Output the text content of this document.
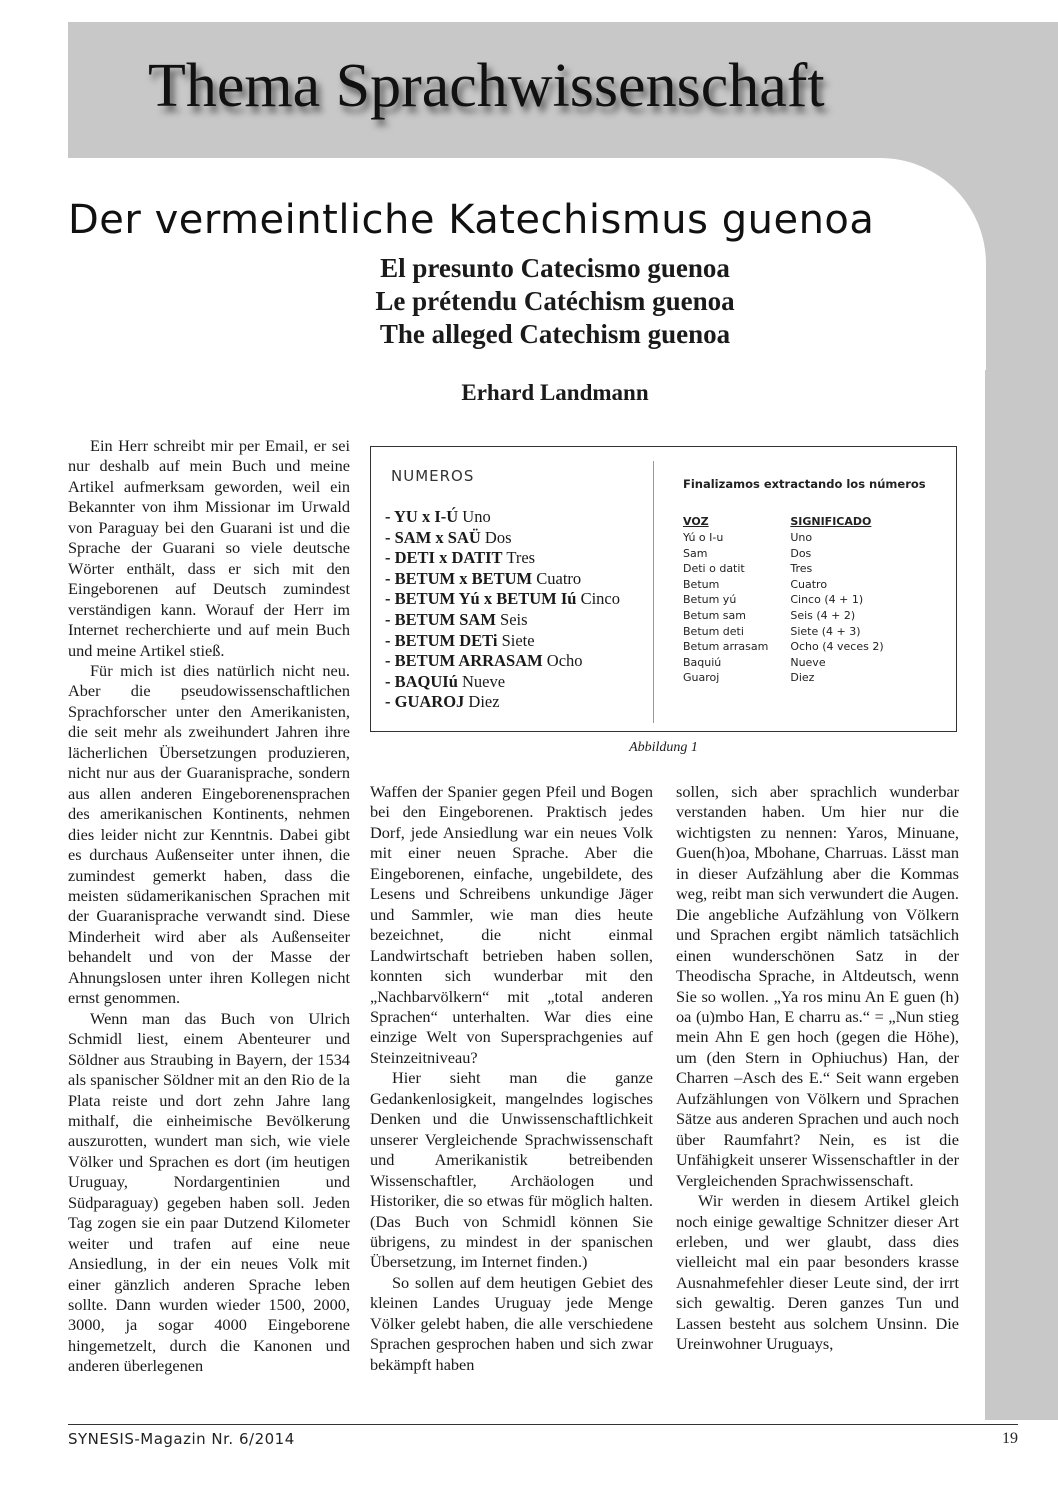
Thema Sprachwissenschaft
Der vermeintliche Katechismus guenoa
El presunto Catecismo guenoa
Le prétendu Catéchism guenoa
The alleged Catechism guenoa
Erhard Landmann

Ein Herr schreibt mir per Email, er sei nur deshalb auf mein Buch und meine Artikel aufmerksam geworden, weil ein Bekannter von ihm Missionar im Urwald von Paraguay bei den Guarani ist und die Sprache der Guarani so viele deutsche Wörter enthält, dass er sich mit den Eingeborenen auf Deutsch zumindest verständigen kann. Worauf der Herr im Internet recherchierte und auf mein Buch und meine Artikel stieß.

Für mich ist dies natürlich nicht neu. Aber die pseudowissenschaftlichen Sprachforscher unter den Amerikanisten, die seit mehr als zweihundert Jahren ihre lächerlichen Übersetzungen produzieren, nicht nur aus der Guaranisprache, sondern aus allen anderen Eingeborenensprachen des amerikanischen Kontinents, nehmen dies leider nicht zur Kenntnis. Dabei gibt es durchaus Außenseiter unter ihnen, die zumindest gemerkt haben, dass die meisten südamerikanischen Sprachen mit der Guaranisprache verwandt sind. Diese Minderheit wird aber als Außenseiter behandelt und von der Masse der Ahnungslosen unter ihren Kollegen nicht ernst genommen.

Wenn man das Buch von Ulrich Schmidl liest, einem Abenteurer und Söldner aus Straubing in Bayern, der 1534 als spanischer Söldner mit an den Rio de la Plata reiste und dort zehn Jahre lang mithalf, die einheimische Bevölkerung auszurotten, wundert man sich, wie viele Völker und Sprachen es dort (im heutigen Uruguay, Nordargentinien und Südparaguay) gegeben haben soll. Jeden Tag zogen sie ein paar Dutzend Kilometer weiter und trafen auf eine neue Ansiedlung, in der ein neues Volk mit einer gänzlich anderen Sprache leben sollte. Dann wurden wieder 1500, 2000, 3000, ja sogar 4000 Eingeborene hingemetzelt, durch die Kanonen und anderen überlegenen

NUMEROS
- YU x I-Ú Uno
- SAM x SAÜ Dos
- DETI x DATIT Tres
- BETUM x BETUM Cuatro
- BETUM Yú x BETUM Iú Cinco
- BETUM SAM Seis
- BETUM DETi Siete
- BETUM ARRASAM Ocho
- BAQUIú Nueve
- GUAROJ Diez
Finalizamos extractando los números
VOZ	SIGNIFICADO
Yú o I-u	Uno
Sam	Dos
Deti o datit	Tres
Betum	Cuatro
Betum yú	Cinco (4 + 1)
Betum sam	Seis (4 + 2)
Betum deti	Siete (4 + 3)
Betum arrasam	Ocho (4 veces 2)
Baquiú	Nueve
Guaroj	Diez
Abbildung 1

Waffen der Spanier gegen Pfeil und Bogen bei den Eingeborenen. Praktisch jedes Dorf, jede Ansiedlung war ein neues Volk mit einer neuen Sprache. Aber die Eingeborenen, einfache, ungebildete, des Lesens und Schreibens unkundige Jäger und Sammler, wie man dies heute bezeichnet, die nicht einmal Landwirtschaft betrieben haben sollen, konnten sich wunderbar mit den „Nachbarvölkern“ mit „total anderen Sprachen“ unterhalten. War dies eine einzige Welt von Supersprachgenies auf Steinzeitniveau?

Hier sieht man die ganze Gedankenlosigkeit, mangelndes logisches Denken und die Unwissenschaftlichkeit unserer Vergleichende Sprachwissenschaft und Amerikanistik betreibenden Wissenschaftler, Archäologen und Historiker, die so etwas für möglich halten. (Das Buch von Schmidl können Sie übrigens, zu mindest in der spanischen Übersetzung, im Internet finden.)

So sollen auf dem heutigen Gebiet des kleinen Landes Uruguay jede Menge Völker gelebt haben, die alle verschiedene Sprachen gesprochen haben und sich zwar bekämpft haben

sollen, sich aber sprachlich wunderbar verstanden haben. Um hier nur die wichtigsten zu nennen: Yaros, Minuane, Guen(h)oa, Mbohane, Charruas. Lässt man in dieser Aufzählung aber die Kommas weg, reibt man sich verwundert die Augen. Die angebliche Aufzählung von Völkern und Sprachen ergibt nämlich tatsächlich einen wunderschönen Satz in der Theodischa Sprache, in Altdeutsch, wenn Sie so wollen. „Ya ros minu An E guen (h) oa (u)mbo Han, E charru as.“ = „Nun stieg mein Ahn E gen hoch (gegen die Höhe), um (den Stern in Ophiuchus) Han, der Charren –Asch des E.“ Seit wann ergeben Aufzählungen von Völkern und Sprachen Sätze aus anderen Sprachen und auch noch über Raumfahrt? Nein, es ist die Unfähigkeit unserer Wissenschaftler in der Vergleichenden Sprachwissenschaft.

Wir werden in diesem Artikel gleich noch einige gewaltige Schnitzer dieser Art erleben, und wer glaubt, dass dies vielleicht mal ein paar besonders krasse Ausnahmefehler dieser Leute sind, der irrt sich gewaltig. Deren ganzes Tun und Lassen besteht aus solchem Unsinn. Die Ureinwohner Uruguays,

SYNESIS-Magazin Nr. 6/2014	19
